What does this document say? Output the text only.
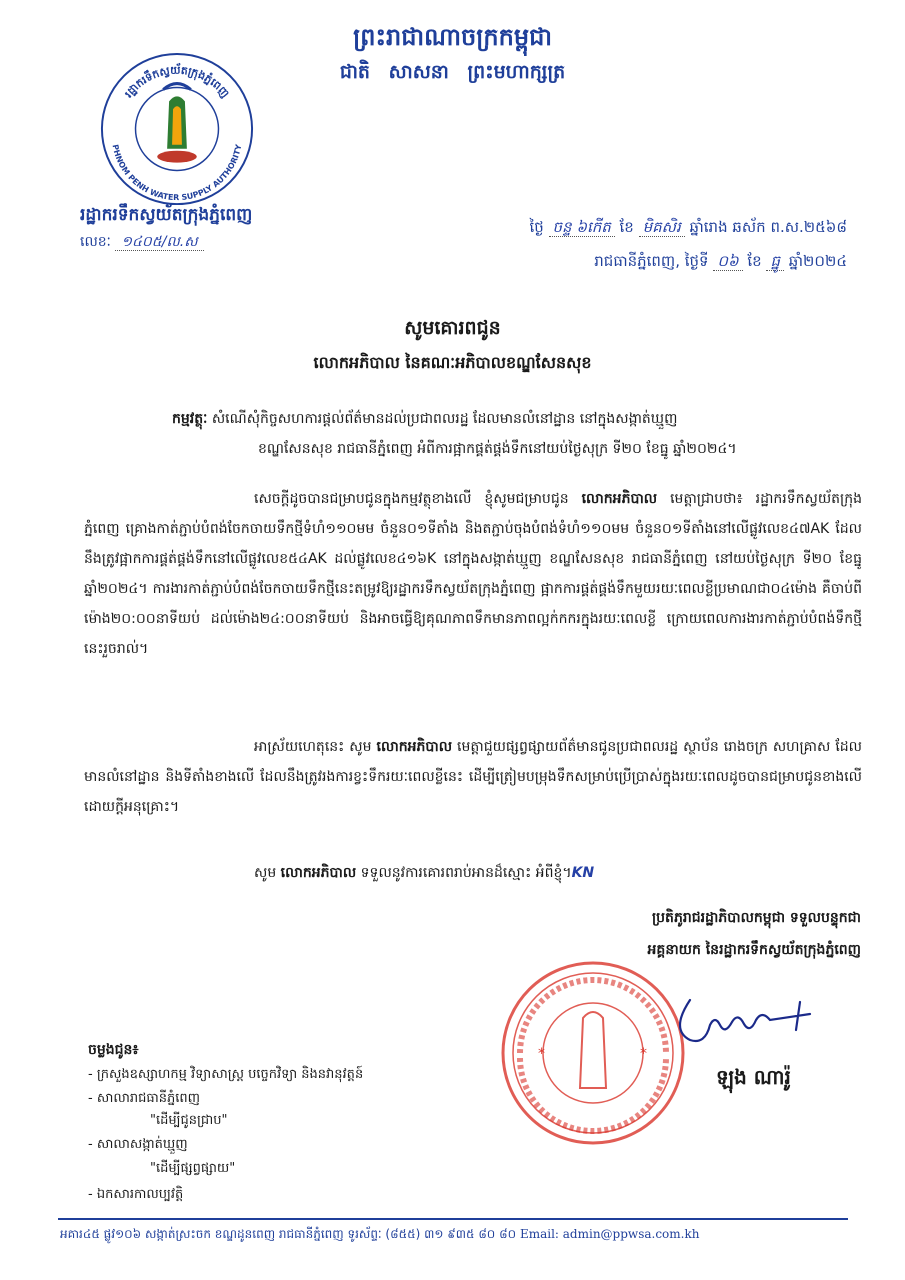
ព្រះរាជាណាចក្រកម្ពុជា
ជាតិ សាសនា ព្រះមហាក្សត្រ
រដ្ឋាករទឹកស្វយ័តក្រុងភ្នំពេញ
PHNOM PENH WATER SUPPLY AUTHORITY
រដ្ឋាករទឹកស្វយ័តក្រុងភ្នំពេញ
លេខៈ ១៤០៥/ល.ស
ថ្ងៃ ចន្ទ ៦កើត ខែ មិគសិរ ឆ្នាំរោង ឆស័ក ព.ស.២៥៦៨
រាជធានីភ្នំពេញ, ថ្ងៃទី ០៦ ខែ ធ្នូ ឆ្នាំ២០២៤
សូមគោរពជូន
លោកអភិបាល នៃគណៈអភិបាលខណ្ឌសែនសុខ
កម្មវត្ថុៈ សំណើសុំកិច្ចសហការផ្តល់ព័ត៌មានដល់ប្រជាពលរដ្ឋ ដែលមានលំនៅដ្ឋាន នៅក្នុងសង្កាត់ឃ្មួញ
ខណ្ឌសែនសុខ រាជធានីភ្នំពេញ អំពីការផ្អាកផ្គត់ផ្គង់ទឹកនៅយប់ថ្ងៃសុក្រ ទី២០ ខែធ្នូ ឆ្នាំ២០២៤។
សេចក្តីដូចបានជម្រាបជូនក្នុងកម្មវត្ថុខាងលើ ខ្ញុំសូមជម្រាបជូន លោកអភិបាល មេត្តាជ្រាបថា៖ រដ្ឋាករទឹកស្វយ័តក្រុងភ្នំពេញ គ្រោងកាត់ភ្ជាប់បំពង់ចែកចាយទឹកថ្មីទំហំ១១០មម ចំនួន០១ទីតាំង និងតភ្ជាប់ចុងបំពង់ទំហំ១១០មម ចំនួន០១ទីតាំងនៅលើផ្លូវលេខ៤៧AK ដែលនឹងត្រូវផ្អាកការផ្គត់ផ្គង់ទឹកនៅលើផ្លូវលេខ៥៤AK ដល់ផ្លូវលេខ៤១៦K នៅក្នុងសង្កាត់ឃ្មួញ ខណ្ឌសែនសុខ រាជធានីភ្នំពេញ នៅយប់ថ្ងៃសុក្រ ទី២០ ខែធ្នូ ឆ្នាំ២០២៤។ ការងារកាត់ភ្ជាប់បំពង់ចែកចាយទឹកថ្មីនេះតម្រូវឱ្យរដ្ឋាករទឹកស្វយ័តក្រុងភ្នំពេញ ផ្អាកការផ្គត់ផ្គង់ទឹកមួយរយៈពេលខ្លីប្រមាណជា០៤ម៉ោង គឺចាប់ពីម៉ោង២០:០០នាទីយប់ ដល់ម៉ោង២៤:០០នាទីយប់ និងអាចធ្វើឱ្យគុណភាពទឹកមានភាពល្អក់កករក្នុងរយៈពេលខ្លី ក្រោយពេលការងារកាត់ភ្ជាប់បំពង់ទឹកថ្មីនេះរួចរាល់។
អាស្រ័យហេតុនេះ សូម លោកអភិបាល មេត្តាជួយផ្សព្វផ្សាយព័ត៌មានជូនប្រជាពលរដ្ឋ ស្ថាប័ន រោងចក្រ សហគ្រាស ដែលមានលំនៅដ្ឋាន និងទីតាំងខាងលើ ដែលនឹងត្រូវរងការខ្វះទឹករយៈពេលខ្លីនេះ ដើម្បីត្រៀមបម្រុងទឹកសម្រាប់ប្រើប្រាស់ក្នុងរយៈពេលដូចបានជម្រាបជូនខាងលើ ដោយក្តីអនុគ្រោះ។
សូម លោកអភិបាល ទទួលនូវការគោរពរាប់អានដ៏ស្មោះ អំពីខ្ញុំ។KN
ប្រតិភូរាជរដ្ឋាភិបាលកម្ពុជា ទទួលបន្ទុកជា
អគ្គនាយក នៃរដ្ឋាករទឹកស្វយ័តក្រុងភ្នំពេញ
*	*
ឡុង ណារ៉ូ
ចម្លងជូន៖
- ក្រសួងឧស្សាហកម្ម វិទ្យាសាស្ត្រ បច្ចេកវិទ្យា និងនវានុវត្តន៍
- សាលារាជធានីភ្នំពេញ
"ដើម្បីជូនជ្រាប"
- សាលាសង្កាត់ឃ្មួញ
"ដើម្បីផ្សព្វផ្សាយ"
- ឯកសារកាលប្បវត្តិ
អគារ៤៥ ផ្លូវ១០៦ សង្កាត់ស្រះចក ខណ្ឌដូនពេញ រាជធានីភ្នំពេញ ទូរស័ព្ទៈ (៨៥៥) ៣១ ៩៣៥ ៨០ ៨០ Email: admin@ppwsa.com.kh
